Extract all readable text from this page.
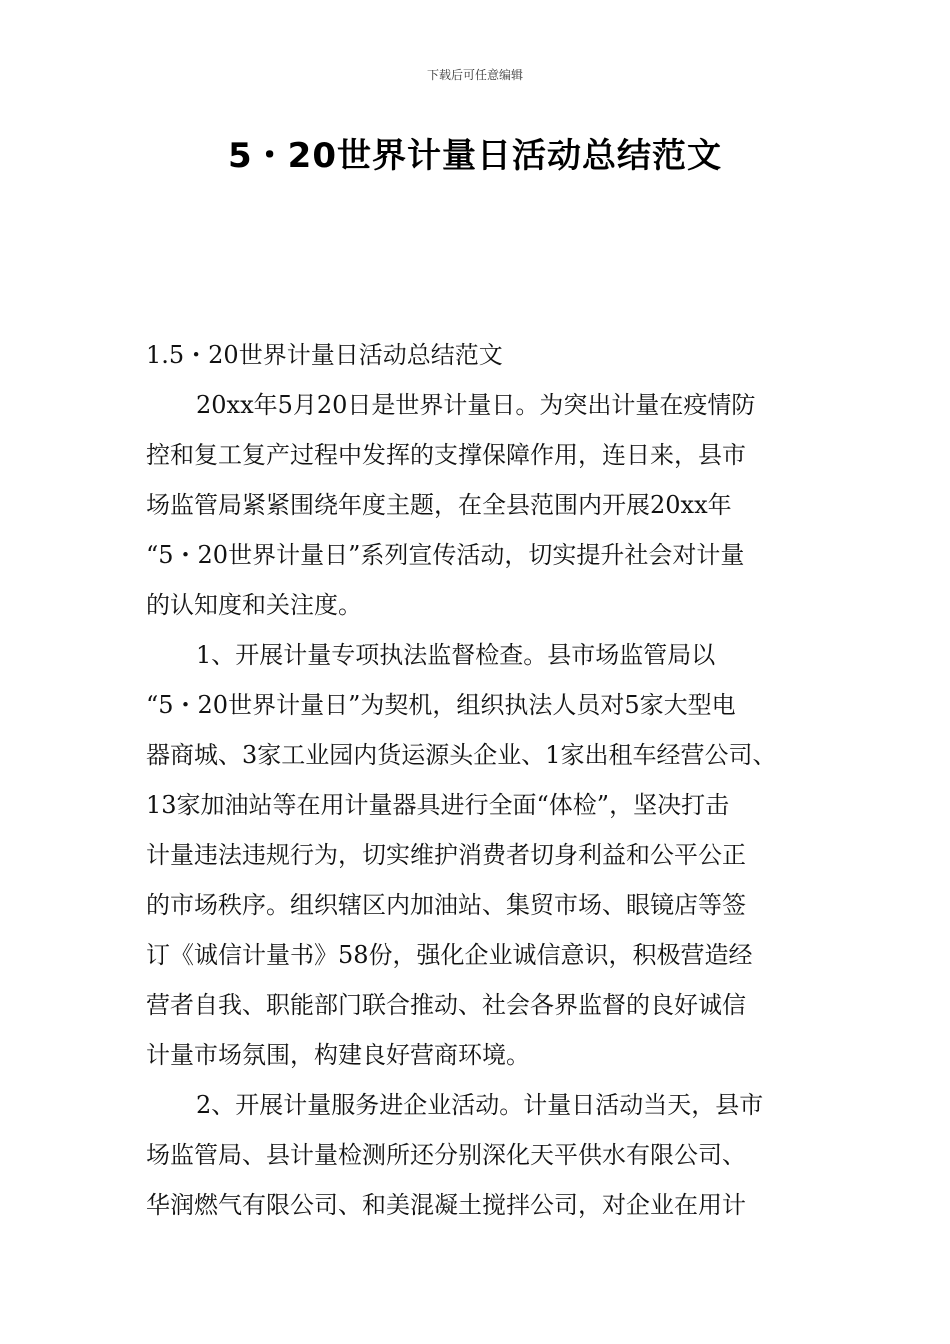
下载后可任意编辑
5・20世界计量日活动总结范文
1.5・20世界计量日活动总结范文
20xx年5月20日是世界计量日。为突出计量在疫情防
控和复工复产过程中发挥的支撑保障作用，连日来，县市
场监管局紧紧围绕年度主题，在全县范围内开展20xx年
“5・20世界计量日”系列宣传活动，切实提升社会对计量
的认知度和关注度。
1、开展计量专项执法监督检查。县市场监管局以
“5・20世界计量日”为契机，组织执法人员对5家大型电
器商城、3家工业园内货运源头企业、1家出租车经营公司、
13家加油站等在用计量器具进行全面“体检”，坚决打击
计量违法违规行为，切实维护消费者切身利益和公平公正
的市场秩序。组织辖区内加油站、集贸市场、眼镜店等签
订《诚信计量书》58份，强化企业诚信意识，积极营造经
营者自我、职能部门联合推动、社会各界监督的良好诚信
计量市场氛围，构建良好营商环境。
2、开展计量服务进企业活动。计量日活动当天，县市
场监管局、县计量检测所还分别深化天平供水有限公司、
华润燃气有限公司、和美混凝土搅拌公司，对企业在用计
